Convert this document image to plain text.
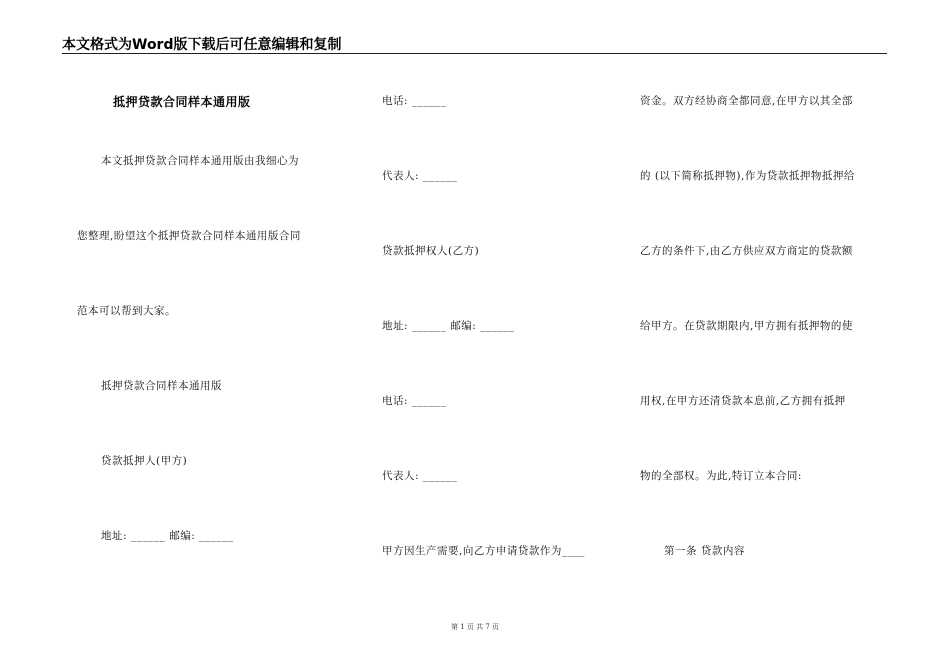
本文格式为Word版下载后可任意编辑和复制
抵押贷款合同样本通用版
本文抵押贷款合同样本通用版由我细心为
您整理,盼望这个抵押贷款合同样本通用版合同
范本可以帮到大家。
抵押贷款合同样本通用版
贷款抵押人(甲方)
地址: ______ 邮编: ______
电话: ______
代表人: ______
贷款抵押权人(乙方)
地址: ______ 邮编: ______
电话: ______
代表人: ______
甲方因生产需要,向乙方申请贷款作为____
资金。双方经协商全都同意,在甲方以其全部
的 (以下简称抵押物),作为贷款抵押物抵押给
乙方的条件下,由乙方供应双方商定的贷款额
给甲方。在贷款期限内,甲方拥有抵押物的使
用权,在甲方还清贷款本息前,乙方拥有抵押
物的全部权。为此,特订立本合同:
第一条 贷款内容
第 1 页 共 7 页
